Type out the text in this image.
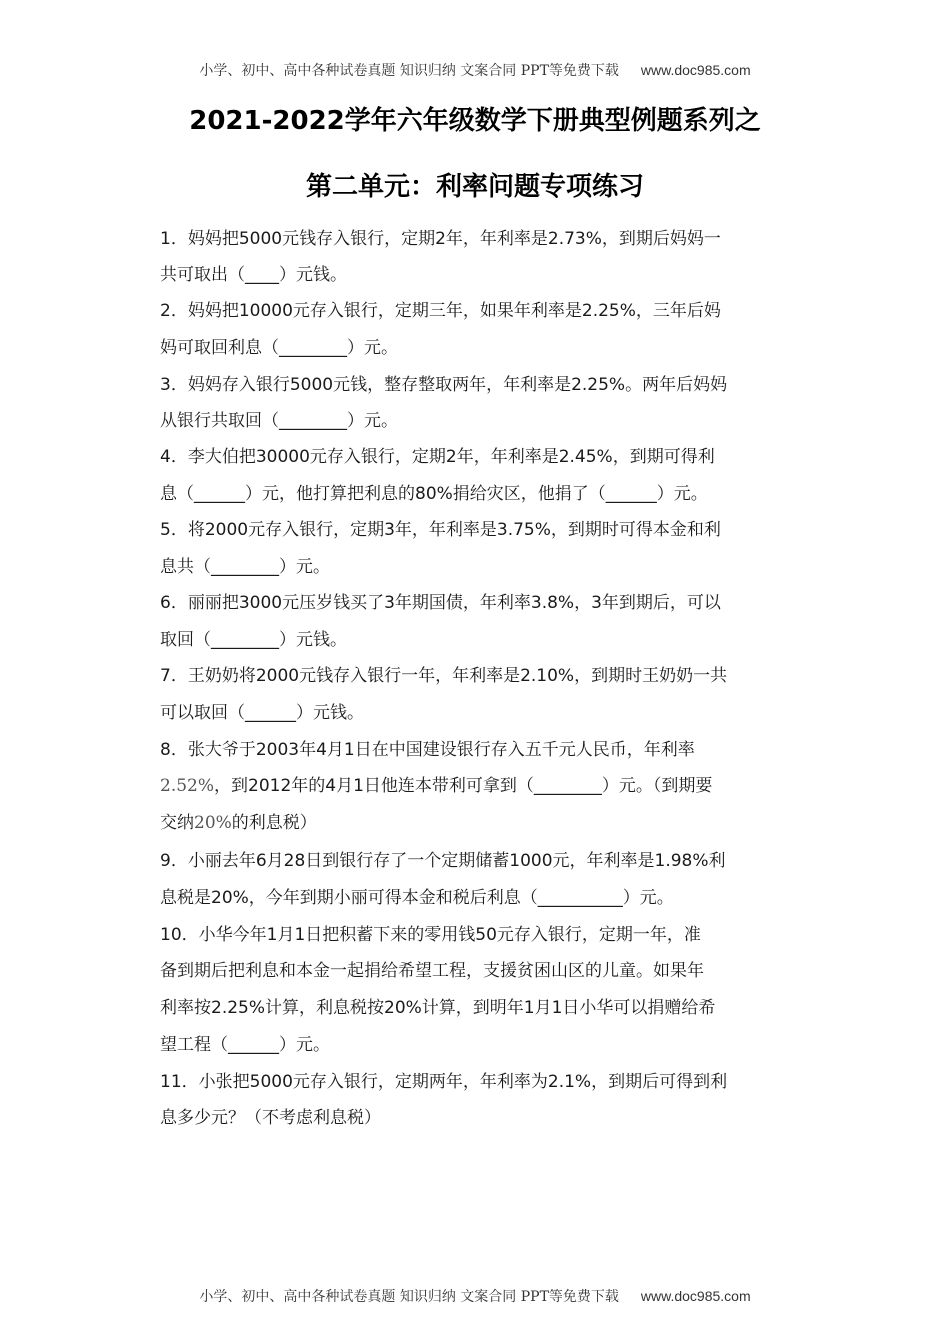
小学、初中、高中各种试卷真题 知识归纳 文案合同 PPT等免费下载 www.doc985.com
2021-2022学年六年级数学下册典型例题系列之
第二单元：利率问题专项练习
1．妈妈把5000元钱存入银行，定期2年，年利率是2.73%，到期后妈妈一
共可取出（____）元钱。
2．妈妈把10000元存入银行，定期三年，如果年利率是2.25%，三年后妈
妈可取回利息（________）元。
3．妈妈存入银行5000元钱，整存整取两年，年利率是2.25%。两年后妈妈
从银行共取回（________）元。
4．李大伯把30000元存入银行，定期2年，年利率是2.45%，到期可得利
息（______）元，他打算把利息的80%捐给灾区，他捐了（______）元。
5．将2000元存入银行，定期3年，年利率是3.75%，到期时可得本金和利
息共（________）元。
6．丽丽把3000元压岁钱买了3年期国债，年利率3.8%，3年到期后，可以
取回（________）元钱。
7．王奶奶将2000元钱存入银行一年，年利率是2.10%，到期时王奶奶一共
可以取回（______）元钱。
8．张大爷于2003年4月1日在中国建设银行存入五千元人民币，年利率
2.52%，到2012年的4月1日他连本带利可拿到（________）元。（到期要
交纳20%的利息税）
9．小丽去年6月28日到银行存了一个定期储蓄1000元，年利率是1.98%利
息税是20%，今年到期小丽可得本金和税后利息（__________）元。
10．小华今年1月1日把积蓄下来的零用钱50元存入银行，定期一年，准
备到期后把利息和本金一起捐给希望工程，支援贫困山区的儿童。如果年
利率按2.25%计算，利息税按20%计算，到明年1月1日小华可以捐赠给希
望工程（______）元。
11．小张把5000元存入银行，定期两年，年利率为2.1%，到期后可得到利
息多少元？（不考虑利息税）
小学、初中、高中各种试卷真题 知识归纳 文案合同 PPT等免费下载 www.doc985.com
